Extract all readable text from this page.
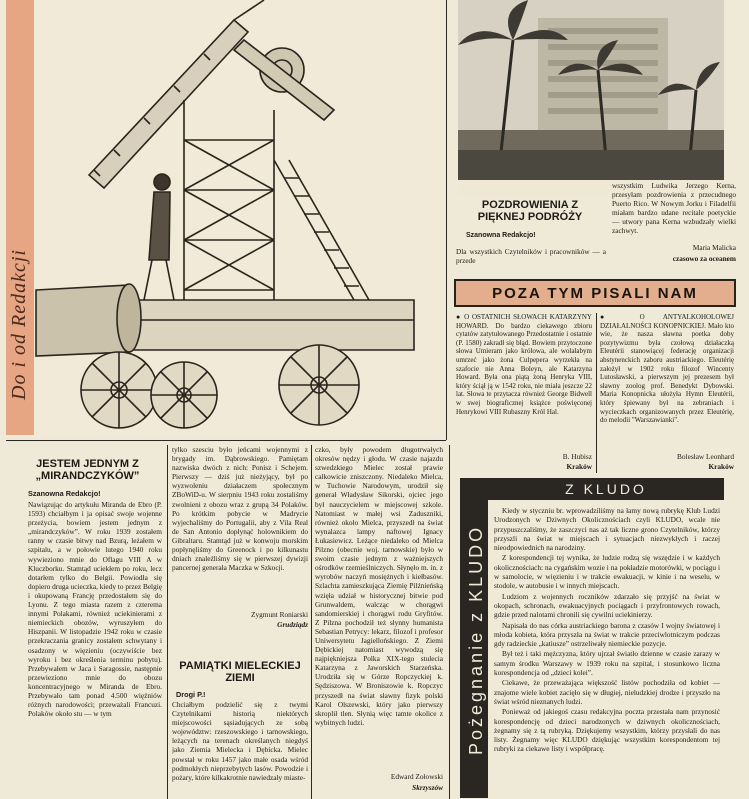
Do i od Redakcji
POZDROWIENIA Z PIĘKNEJ PODRÓŻY
Szanowna Redakcjo!
Dla wszystkich Czytelników i pracowników — a przede
wszystkim Ludwika Jerzego Kerna, przesyłam pozdrowienia z przecudnego Puerto Rico. W Nowym Jorku i Filadelfii miałam bardzo udane recitale poetyckie — utwory pana Kerna wzbudzały wielki zachwyt.
Maria Malicka
czasowo za oceanem
POZA TYM PISALI NAM
● O OSTATNICH SŁOWACH KATARZYNY HOWARD. Do bardzo ciekawego zbioru cytatów zatytułowanego Przedostatnie i ostatnie (P. 1580) zakradł się błąd. Bowiem przytoczone słowa Umieram jako królowa, ale wolałabym umrzeć jako żona Culpepera wyrzekła na szafocie nie Anna Boleyn, ale Katarzyna Howard. Była ona piątą żoną Henryka VIII, który ściął ją w 1542 roku, nie miała jeszcze 22 lat. Słowa te przytacza również George Bidwell w swej biograficznej książce poświęconej Henrykowi VIII Rubaszny Król Hal.
B. Hubisz
Kraków
● O ANTYALKOHOLOWEJ DZIAŁALNOŚCI KONOPNICKIEJ. Mało kto wie, że nasza sławna poetka doby pozytywizmu była czołową działaczką Eleutérii stanowiącej federację organizacji abstynenckich zaboru austriackiego. Eleutérię założył w 1902 roku filozof Wincenty Lutosławski, a pierwszym jej prezesem był sławny zoolog prof. Benedykt Dybowski. Maria Konopnicka ułożyła Hymn Eleutérii, który śpiewany był na zebraniach i wycieczkach organizowanych przez Eleutérię, do melodii "Warszawianki".
Bolesław Leonhard
Kraków
JESTEM JEDNYM Z „MIRANDCZYKÓW”
Szanowna Redakcjo!
Nawiązując do artykułu Miranda de Ebro (P. 1593) chciałbym i ja opisać swoje wojenne przeżycia, bowiem jestem jednym z „mirandczyków”. W roku 1939 zostałem ranny w czasie bitwy nad Bzurą, leżałem w szpitalu, a w połowie lutego 1940 roku wywieziono mnie do Oflagu VIII A w Kluczborku. Stamtąd uciekłem po roku, lecz dotarłem tylko do Belgii. Powiodła się dopiero druga ucieczka, kiedy to przez Belgię i okupowaną Francję przedostałem się do Lyonu. Z tego miasta razem z czterema innymi Polakami, również uciekinierami z niemieckich obozów, wyruszyłem do Hiszpanii. W listopadzie 1942 roku w czasie przekraczania granicy zostałem schwytany i osadzony w więzieniu (oczywiście bez wyroku i bez określenia terminu pobytu). Przebywałem w Jaca i Saragossie, następnie przewieziono mnie do obozu koncentracyjnego w Miranda de Ebro. Przebywało tam ponad 4.500 więźniów różnych narodowości; przeważali Francuzi. Polaków około stu — w tym
tylko szesciu było jeńcami wojennymi z brygady im. Dąbrowskiego. Pamiętam nazwiska dwóch z nich: Ponisz i Schejem. Pierwszy — dziś już nieżyjący, był po wyzwoleniu działaczem społecznym ZBoWiD-u. W sierpniu 1943 roku zostaliśmy zwolnieni z obozu wraz z grupą 34 Polaków. Po krótkim pobycie w Madrycie wyjechaliśmy do Portugalii, aby z Vila Real de San Antonio dopłynąć holownikiem do Gibraltaru. Stamtąd już w konwoju morskim popłynęliśmy do Greenock i po kilkunastu dniach znaleźliśmy się w pierwszej dywizji pancernej generała Maczka w Szkocji.
Zygmunt Roniarski
Grudziądz
PAMIĄTKI MIELECKIEJ ZIEMI
Drogi P.!
Chciałbym podzielić się z twymi Czytelnikami historią niektórych miejscowości sąsiadujących ze sobą województw: rzeszowskiego i tarnowskiego, leżących na terenach określanych niegdyś jako Ziemia Mielecka i Dębicka. Mielec powstał w roku 1457 jako małe osada wśród podmokłych nieprzebytych lasów. Powodzie i pożary, które kilkakrotnie nawiedzały miaste-
czko, były powodem długotrwałych okresów nędzy i głodu. W czasie najazdu szwedzkiego Mielec został prawie całkowicie zniszczony. Niedaleko Mielca, w Tuchowie Narodowym, urodził się generał Władysław Sikorski, ojciec jego był nauczycielem w miejscowej szkole. Natomiast w małej wsi Zaduszniki, również około Mielca, przyszedł na świat wynalazca lampy naftowej Ignacy Łukasiewicz. Leżące niedaleko od Mielca Pilzno (obecnie woj. tarnowskie) było w swoim czasie jednym z ważniejszych ośrodków rzemieślniczych. Słynęło m. in. z wyrobów naczyń mosiężnych i kiełbasów. Szlachta zamieszkująca Ziemię Pilźnieńską wzięła udział w historycznej bitwie pod Grunwaldem, walcząc w chorągwi sandomierskiej i chorągwi rodu Gryfitów. Z Pilzna pochodził też słynny humanista Sebastian Petrycy: lekarz, filozof i profesor Uniwersytetu Jagiellońskiego. Z Ziemi Dębickiej natomiast wywodzą się najpiękniejsza Polka XIX-tego stulecia Katarzyna z Jaworskich Starzeńska. Urodziła się w Górze Ropczyckiej k. Sędziszowa. W Broniszowie k. Ropczyc przyszedł na świat sławny fizyk polski Karol Olszewski, który jako pierwszy skroplił tlen. Słynią więc tamte okolice z wybitnych ludzi.
Edward Zołowski
Skrzyszów
Pożegnanie z KLUDO
Z KLUDO

Kiedy w styczniu br. wprowadziliśmy na łamy nową rubrykę Klub Ludzi Urodzonych w Dziwnych Okolicznościach czyli KLUDO, wcale nie przypuszczaliśmy, że zaszczyci nas aż tak liczne grono Czytelników, którzy przyszli na świat w miejscach i sytuacjach niezwykłych i raczej nieodpowiednich na narodziny.

Z korespondencji tej wynika, że ludzie rodzą się wszędzie i w każdych okolicznościach: na cygańskim wozie i na pokładzie motorówki, w pociągu i w samolocie, w więzieniu i w trakcie ewakuacji, w kinie i na weselu, w stodole, w autobusie i w innych miejscach.

Ludziom z wojennych roczników zdarzało się przyjść na świat w okopach, schronach, ewakuacyjnych pociągach i przyfrontowych rowach, gdzie przed nalotami chronili się cywilni uciekinierzy.

Napisała do nas córka austriackiego barona z czasów I wojny światowej i młoda kobieta, która przyszła na świat w trakcie przeciwlotniczym podczas gdy radzieckie „katiusze” ostrzeliwały niemieckie pozycje.

Był też i taki mężczyzna, który ujrzał światło dzienne w czasie zarazy w samym środku Warszawy w 1939 roku na szpital, i stosunkowo liczna korespondencja od „dzieci kolei”.

Ciekawe, że przeważająca większość listów pochodziła od kobiet — znajome wiele kobiet zacięło się w długiej, nieludzkiej drodze i przyszło na świat wśród nieznanych ludzi.

Ponieważ od jakiegoś czasu redakcyjna poczta przestała nam przynosić korespondencję od dzieci narodzonych w dziwnych okolicznościach, żegnamy się z tą rubryką. Dziękujemy wszystkim, którzy przysłali do nas listy. Żegnamy więc KLUDO dziękując wszystkim korespondentom tej rubryki za ciekawe listy i współpracę.
